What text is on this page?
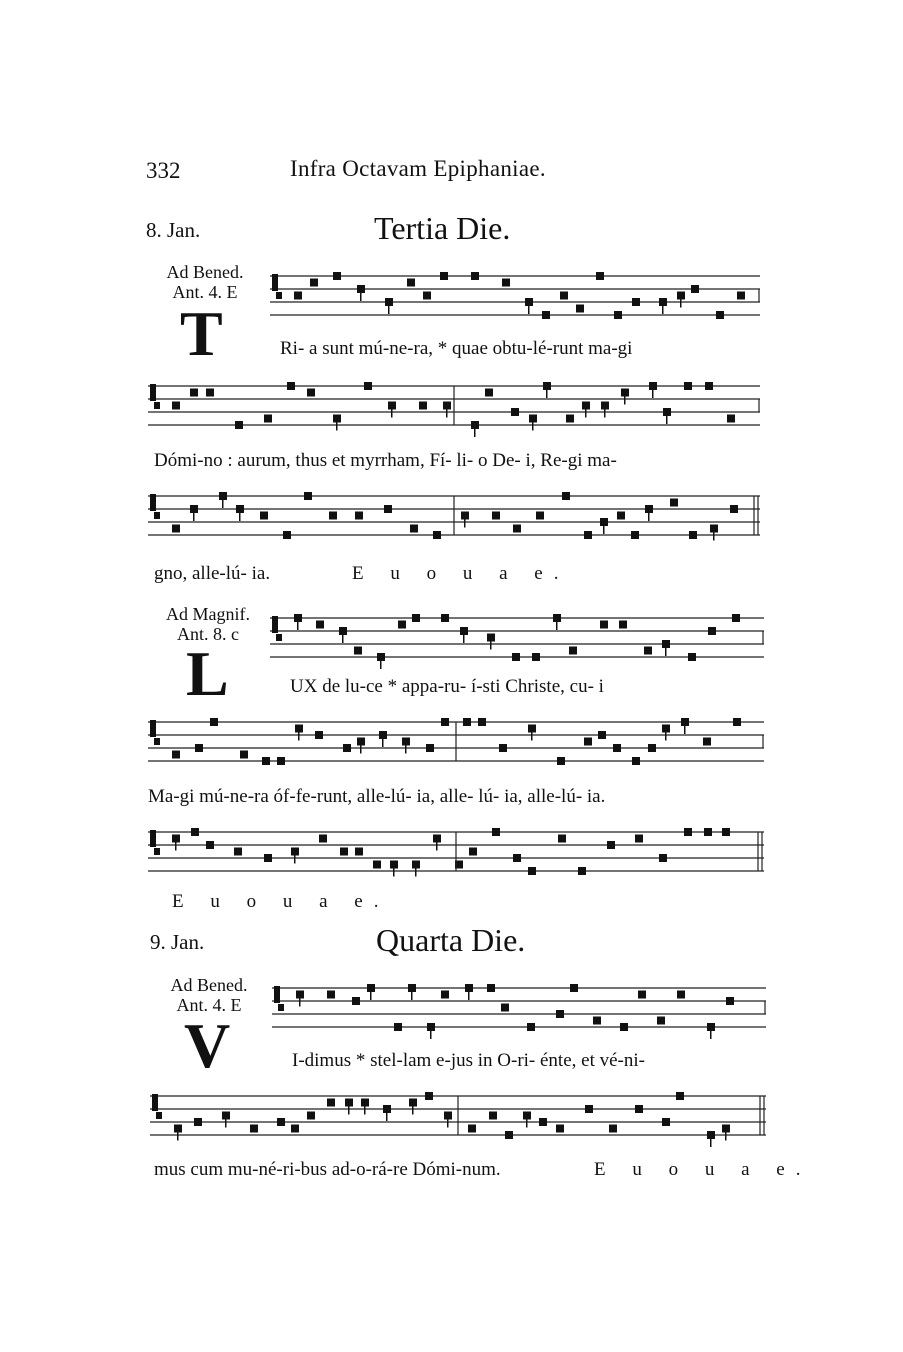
332	Infra Octavam Epiphaniae.
8. Jan.	Tertia Die.
Ad Bened.
Ant. 4. E
T	Ri- a sunt mú-ne-ra, * quae obtu-lé-runt ma-gi
Dómi-no : aurum, thus et myrrham, Fí- li- o De- i, Re-gi ma-
gno, alle-lú- ia.	E u o u a e.
Ad Magnif.
Ant. 8. c
L	UX de lu-ce * appa-ru- í-sti Christe, cu- i
Ma-gi mú-ne-ra óf-fe-runt, alle-lú- ia, alle- lú- ia, alle-lú- ia.
E u o u a e.
9. Jan.	Quarta Die.
Ad Bened.
Ant. 4. E
V	I-dimus * stel-lam e-jus in O-ri- énte, et vé-ni-
mus cum mu-né-ri-bus ad-o-rá-re Dómi-num.	E u o u a e.
